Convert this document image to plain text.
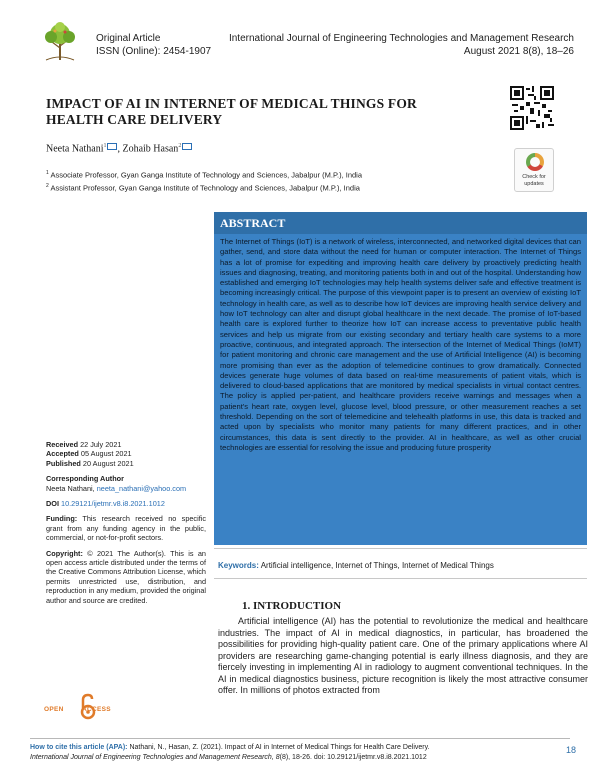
Original Article
ISSN (Online): 2454-1907
International Journal of Engineering Technologies and Management Research
August 2021 8(8), 18–26
IMPACT OF AI IN INTERNET OF MEDICAL THINGS FOR HEALTH CARE DELIVERY
Neeta Nathani$^1$ , Zohaib Hasan$^2$
$^1$ Associate Professor, Gyan Ganga Institute of Technology and Sciences, Jabalpur (M.P.), India
$^2$ Assistant Professor, Gyan Ganga Institute of Technology and Sciences, Jabalpur (M.P.), India
Check for
updates
ABSTRACT
The Internet of Things (IoT) is a network of wireless, interconnected, and networked digital devices that can gather, send, and store data without the need for human or computer interaction. The Internet of Things has a lot of promise for expediting and improving health care delivery by proactively predicting health issues and diagnosing, treating, and monitoring patients both in and out of the hospital. Understanding how established and emerging IoT technologies may help health systems deliver safe and effective treatment is becoming increasingly critical. The purpose of this viewpoint paper is to present an overview of existing IoT technology in health care, as well as to describe how IoT devices are improving health service delivery and how IoT technology can alter and disrupt global healthcare in the next decade. The promise of IoT-based health care is explored further to theorize how IoT can increase access to preventative public health services and help us migrate from our existing secondary and tertiary health care systems to a more proactive, continuous, and integrated approach. The intersection of the Internet of Medical Things (IoMT) for patient monitoring and chronic care management and the use of Artificial Intelligence (AI) is becoming more promising than ever as the adoption of telemedicine continues to grow dramatically. Connected devices generate huge volumes of data based on real-time measurements of patient vitals, which is delivered to cloud-based applications that are monitored by medical specialists in virtual contact centres. The policy is applied per-patient, and healthcare providers receive warnings and messages when a patient's heart rate, oxygen level, glucose level, blood pressure, or other measurement reaches a set threshold. Depending on the sort of telemedicine and telehealth platforms in use, this data is tracked and acted upon by specialists who monitor many patients for many different practices, and in other circumstances, this data is sent directly to the provider. AI in healthcare, as well as other crucial technologies are essential for resolving the issue and producing future prosperity
Keywords: Artificial intelligence, Internet of Things, Internet of Medical Things
Received 22 July 2021
Accepted 05 August 2021
Published 20 August 2021
Corresponding Author
Neeta Nathani, neeta_nathani@yahoo.com
DOI 10.29121/ijetmr.v8.i8.2021.1012
Funding: This research received no specific grant from any funding agency in the public, commercial, or not-for-profit sectors.
Copyright: © 2021 The Author(s). This is an open access article distributed under the terms of the Creative Commons Attribution License, which permits unrestricted use, distribution, and reproduction in any medium, provided the original author and source are credited.
OPEN	ACCESS
1. INTRODUCTION
Artificial intelligence (AI) has the potential to revolutionize the medical and healthcare industries. The impact of AI in medical diagnostics, in particular, has broadened the possibilities for providing high-quality patient care. One of the primary applications where AI providers are researching game-changing potential is early illness diagnosis, and they are fiercely investing in implementing AI in radiology to augment conventional techniques. In the AI in medical diagnostics business, picture recognition is likely the most attractive consumer offer. In millions of photos extracted from
How to cite this article (APA): Nathani, N., Hasan, Z. (2021). Impact of AI in Internet of Medical Things for Health Care Delivery.
International Journal of Engineering Technologies and Management Research, 8(8), 18-26. doi: 10.29121/ijetmr.v8.i8.2021.1012
18
